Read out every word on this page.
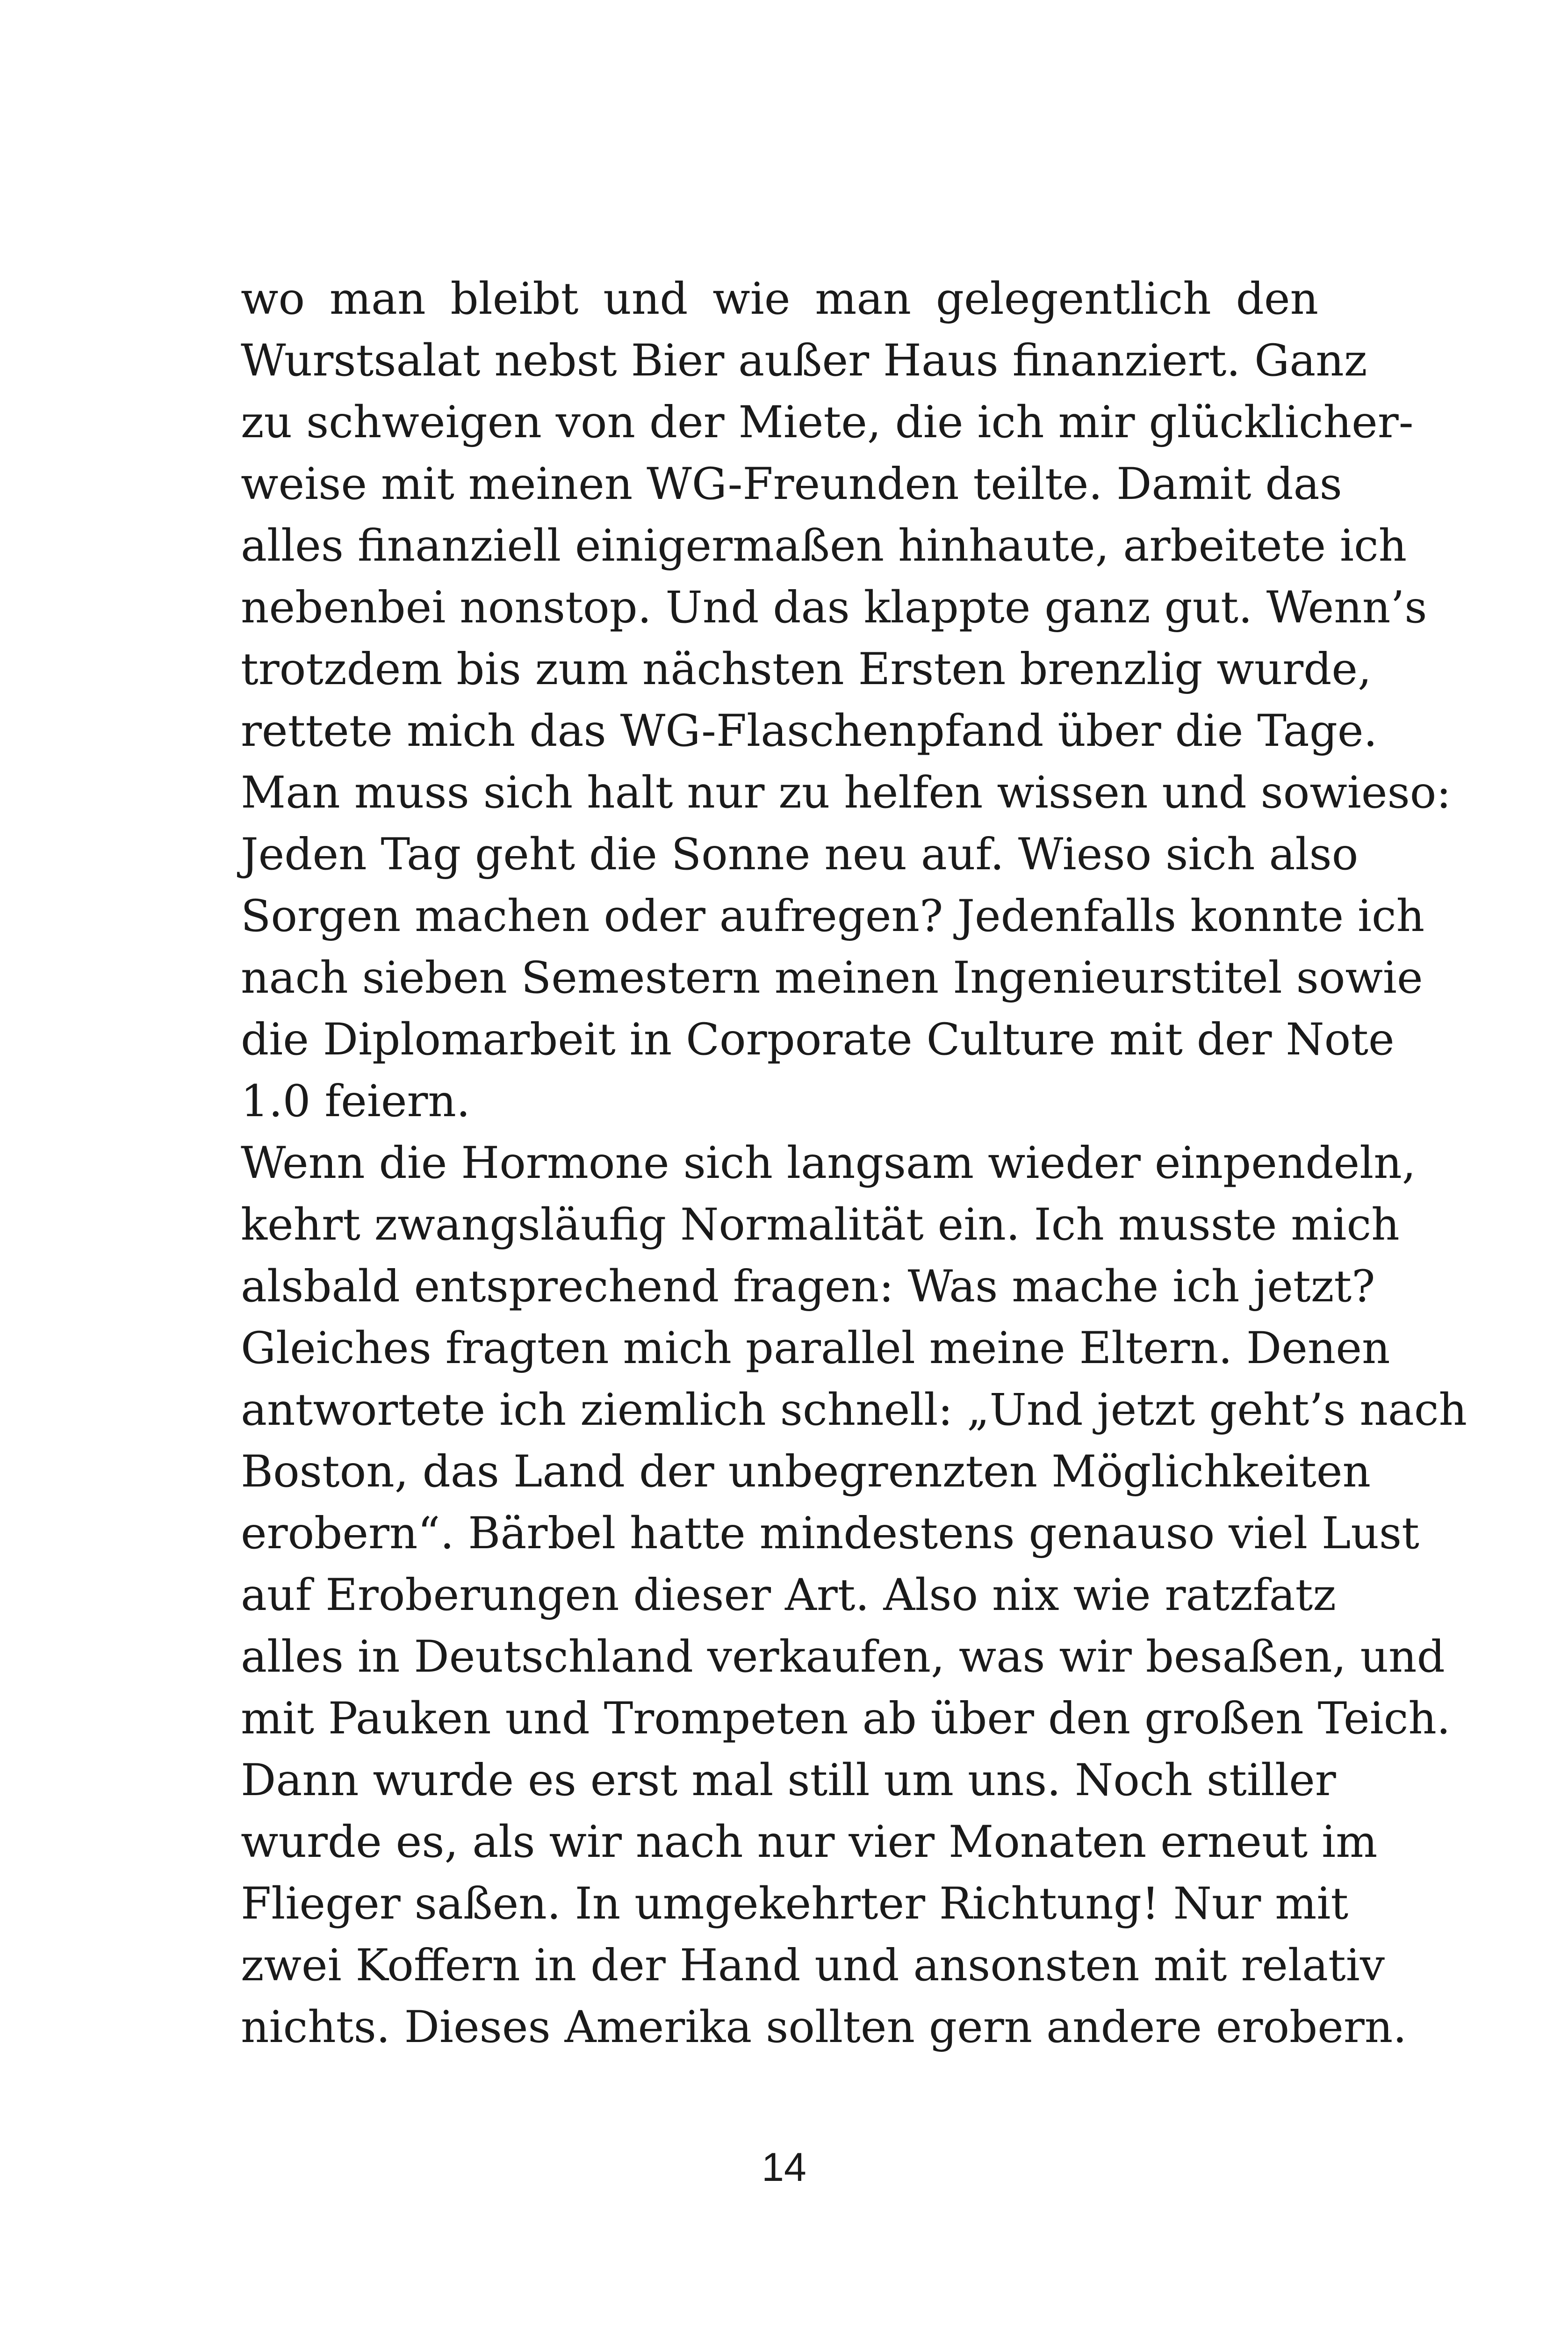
wo man bleibt und wie man gelegentlich den
Wurstsalat nebst Bier außer Haus finanziert. Ganz
zu schweigen von der Miete, die ich mir glücklicher-
weise mit meinen WG-Freunden teilte. Damit das
alles finanziell einigermaßen hinhaute, arbeitete ich
nebenbei nonstop. Und das klappte ganz gut. Wenn’s
trotzdem bis zum nächsten Ersten brenzlig wurde,
rettete mich das WG-Flaschenpfand über die Tage.
Man muss sich halt nur zu helfen wissen und sowieso:
Jeden Tag geht die Sonne neu auf. Wieso sich also
Sorgen machen oder aufregen? Jedenfalls konnte ich
nach sieben Semestern meinen Ingenieurstitel sowie
die Diplomarbeit in Corporate Culture mit der Note
1.0 feiern.
Wenn die Hormone sich langsam wieder einpendeln,
kehrt zwangsläufig Normalität ein. Ich musste mich
alsbald entsprechend fragen: Was mache ich jetzt?
Gleiches fragten mich parallel meine Eltern. Denen
antwortete ich ziemlich schnell: „Und jetzt geht’s nach
Boston, das Land der unbegrenzten Möglichkeiten
erobern“. Bärbel hatte mindestens genauso viel Lust
auf Eroberungen dieser Art. Also nix wie ratzfatz
alles in Deutschland verkaufen, was wir besaßen, und
mit Pauken und Trompeten ab über den großen Teich.
Dann wurde es erst mal still um uns. Noch stiller
wurde es, als wir nach nur vier Monaten erneut im
Flieger saßen. In umgekehrter Richtung! Nur mit
zwei Koffern in der Hand und ansonsten mit relativ
nichts. Dieses Amerika sollten gern andere erobern.
14
